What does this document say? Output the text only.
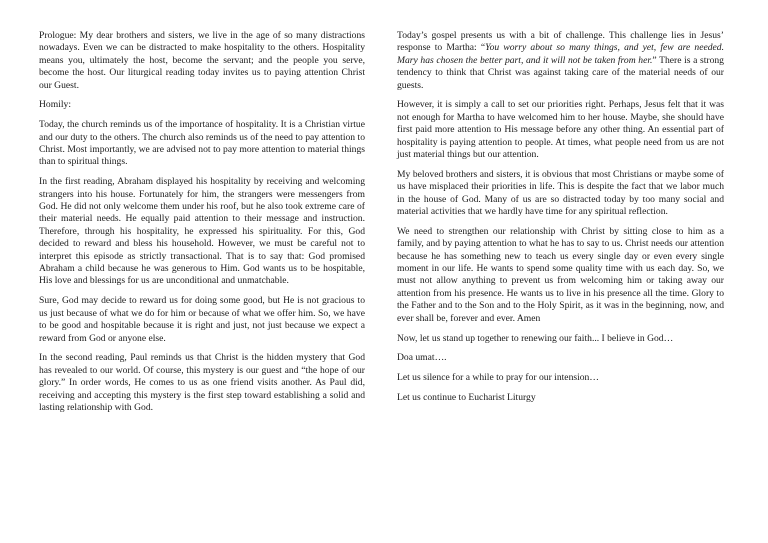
Prologue: My dear brothers and sisters, we live in the age of so many distractions nowadays. Even we can be distracted to make hospitality to the others. Hospitality means you, ultimately the host, become the servant; and the people you serve, become the host. Our liturgical reading today invites us to paying attention Christ our Guest.

Homily:

Today, the church reminds us of the importance of hospitality. It is a Christian virtue and our duty to the others. The church also reminds us of the need to pay attention to Christ. Most importantly, we are advised not to pay more attention to material things than to spiritual things.

In the first reading, Abraham displayed his hospitality by receiving and welcoming strangers into his house. Fortunately for him, the strangers were messengers from God. He did not only welcome them under his roof, but he also took extreme care of their material needs. He equally paid attention to their message and instruction. Therefore, through his hospitality, he expressed his spirituality. For this, God decided to reward and bless his household. However, we must be careful not to interpret this episode as strictly transactional. That is to say that: God promised Abraham a child because he was generous to Him. God wants us to be hospitable, His love and blessings for us are unconditional and unmatchable.

Sure, God may decide to reward us for doing some good, but He is not gracious to us just because of what we do for him or because of what we offer him. So, we have to be good and hospitable because it is right and just, not just because we expect a reward from God or anyone else.

In the second reading, Paul reminds us that Christ is the hidden mystery that God has revealed to our world. Of course, this mystery is our guest and “the hope of our glory.” In order words, He comes to us as one friend visits another. As Paul did, receiving and accepting this mystery is the first step toward establishing a solid and lasting relationship with God.

Today’s gospel presents us with a bit of challenge. This challenge lies in Jesus’ response to Martha: “You worry about so many things, and yet, few are needed. Mary has chosen the better part, and it will not be taken from her.” There is a strong tendency to think that Christ was against taking care of the material needs of our guests.

However, it is simply a call to set our priorities right. Perhaps, Jesus felt that it was not enough for Martha to have welcomed him to her house. Maybe, she should have first paid more attention to His message before any other thing. An essential part of hospitality is paying attention to people. At times, what people need from us are not just material things but our attention.

My beloved brothers and sisters, it is obvious that most Christians or maybe some of us have misplaced their priorities in life. This is despite the fact that we labor much in the house of God. Many of us are so distracted today by too many social and material activities that we hardly have time for any spiritual reflection.

We need to strengthen our relationship with Christ by sitting close to him as a family, and by paying attention to what he has to say to us. Christ needs our attention because he has something new to teach us every single day or even every single moment in our life. He wants to spend some quality time with us each day. So, we must not allow anything to prevent us from welcoming him or taking away our attention from his presence. He wants us to live in his presence all the time. Glory to the Father and to the Son and to the Holy Spirit, as it was in the beginning, now, and ever shall be, forever and ever. Amen

Now, let us stand up together to renewing our faith... I believe in God…

Doa umat….

Let us silence for a while to pray for our intension…

Let us continue to Eucharist Liturgy
